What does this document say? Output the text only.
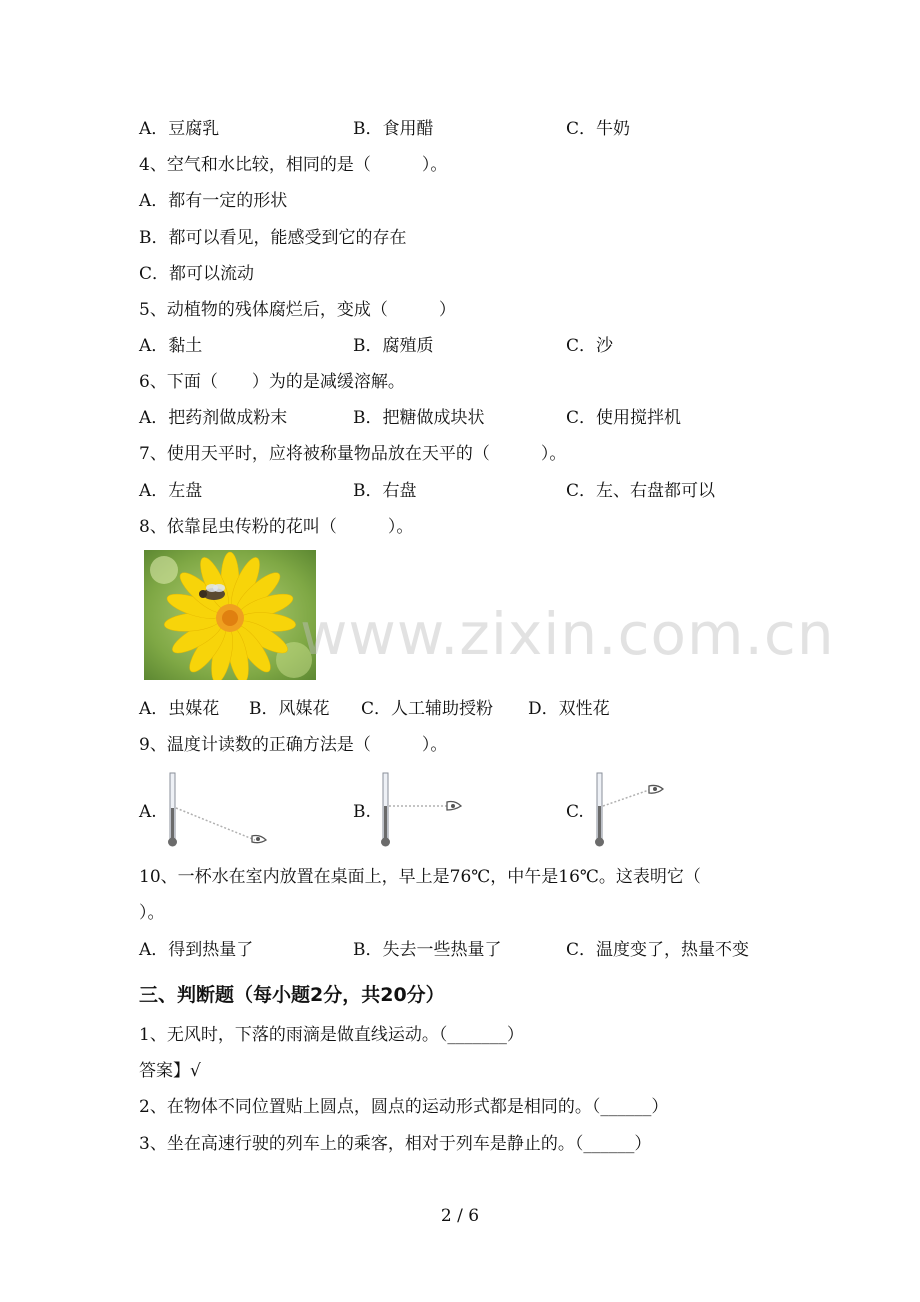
A．豆腐乳	B．食用醋	C．牛奶
4、空气和水比较，相同的是（　　　）。
A．都有一定的形状
B．都可以看见，能感受到它的存在
C．都可以流动
5、动植物的残体腐烂后，变成（　　　）
A．黏土	B．腐殖质	C．沙
6、下面（　　）为的是减缓溶解。
A．把药剂做成粉末	B．把糖做成块状	C．使用搅拌机
7、使用天平时，应将被称量物品放在天平的（　　　）。
A．左盘	B．右盘	C．左、右盘都可以
8、依靠昆虫传粉的花叫（　　　）。
A．虫媒花 B．风媒花 C．人工辅助授粉 D．双性花
9、温度计读数的正确方法是（　　　）。
A.	B.	C.
10、一杯水在室内放置在桌面上，早上是76℃，中午是16℃。这表明它（
）。
A．得到热量了	B．失去一些热量了	C．温度变了，热量不变
三、判断题（每小题2分，共20分）
1、无风时，下落的雨滴是做直线运动。（_______）
答案】√
2、在物体不同位置贴上圆点，圆点的运动形式都是相同的。（______）
3、坐在高速行驶的列车上的乘客，相对于列车是静止的。（______）
www.zixin.com.cn
2 / 6
